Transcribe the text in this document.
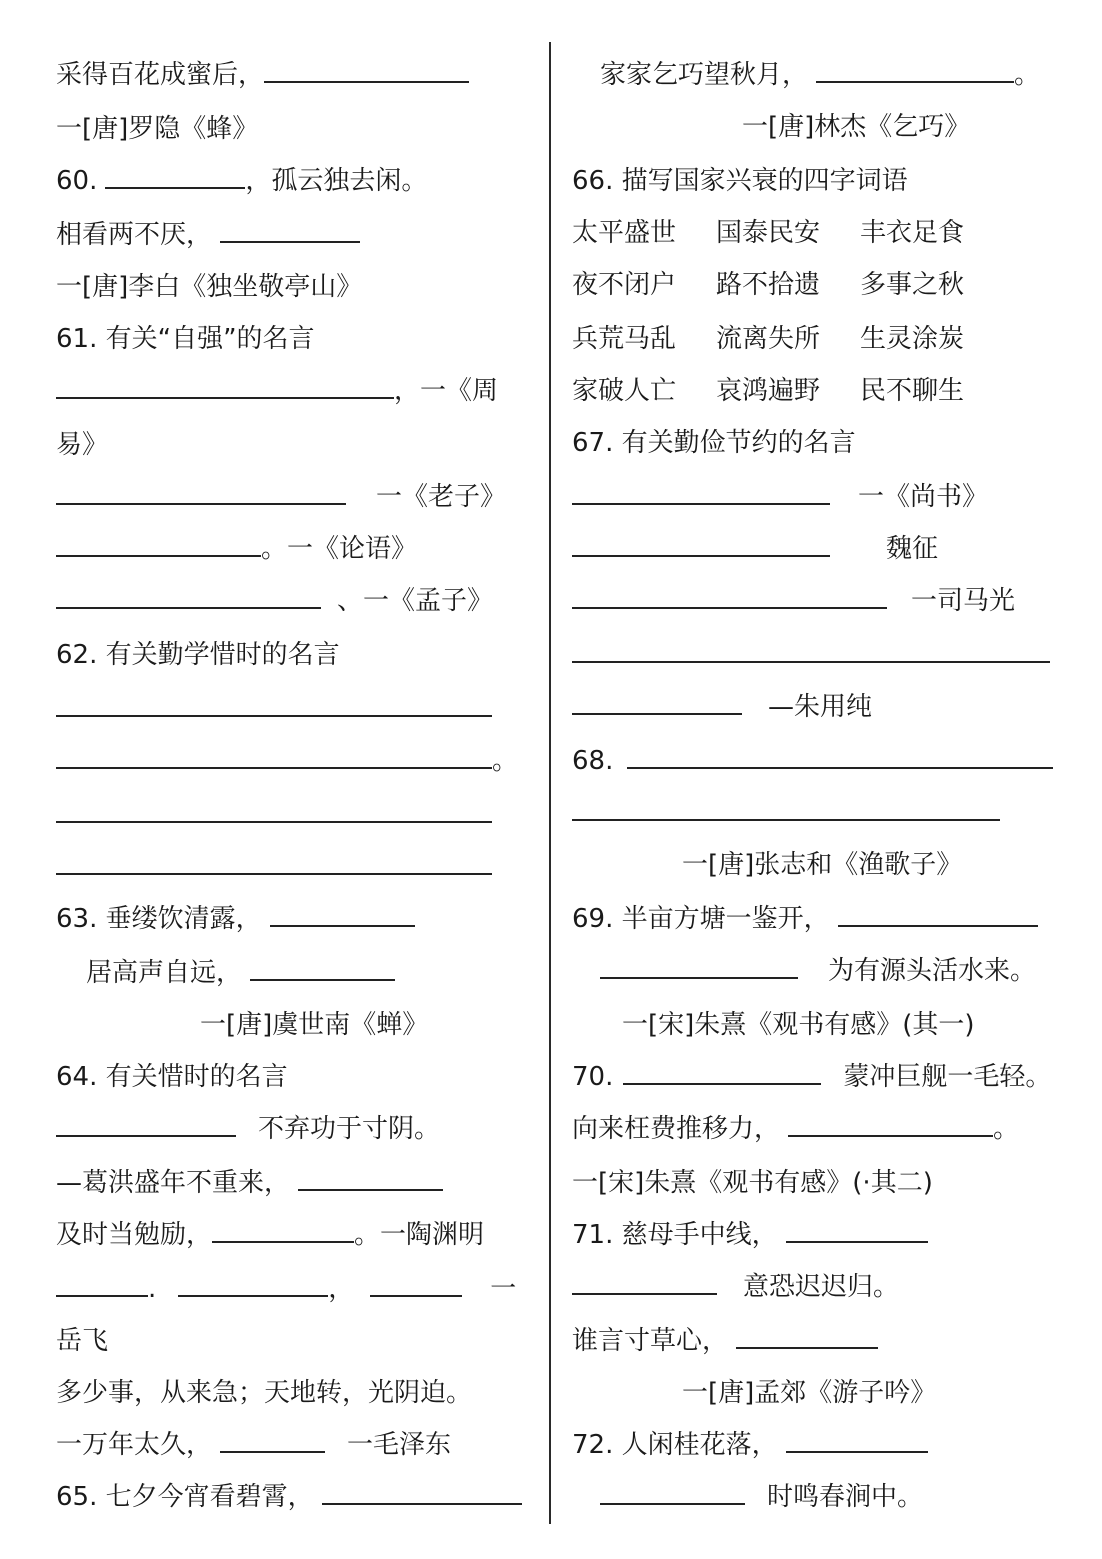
采得百花成蜜后，
一[唐]罗隐《蜂》
60.	，孤云独去闲。
相看两不厌，
一[唐]李白《独坐敬亭山》
61. 有关“自强”的名言
，一《周
易》
一《老子》
。一《论语》
、一《孟子》
62. 有关勤学惜时的名言
。
63. 垂缕饮清露，
居高声自远，
一[唐]虞世南《蝉》
64. 有关惜时的名言
不弃功于寸阴。
—葛洪盛年不重来，
及时当勉励，	。一陶渊明
.	，	一
岳飞
多少事，从来急；天地转，光阴迫。
一万年太久，	一毛泽东
65. 七夕今宵看碧霄，
家家乞巧望秋月，	。
一[唐]林杰《乞巧》
66. 描写国家兴衰的四字词语
太平盛世 国泰民安 丰衣足食
夜不闭户 路不拾遗 多事之秋
兵荒马乱 流离失所 生灵涂炭
家破人亡 哀鸿遍野 民不聊生
67. 有关勤俭节约的名言
一《尚书》
魏征
一司马光
—朱用纯
68.
一[唐]张志和《渔歌子》
69. 半亩方塘一鉴开，
为有源头活水来。
一[宋]朱熹《观书有感》(其一)
70.	蒙冲巨舰一毛轻。
向来枉费推移力，	。
一[宋]朱熹《观书有感》(·其二)
71. 慈母手中线，
意恐迟迟归。
谁言寸草心，
一[唐]孟郊《游子吟》
72. 人闲桂花落，
时鸣春涧中。
